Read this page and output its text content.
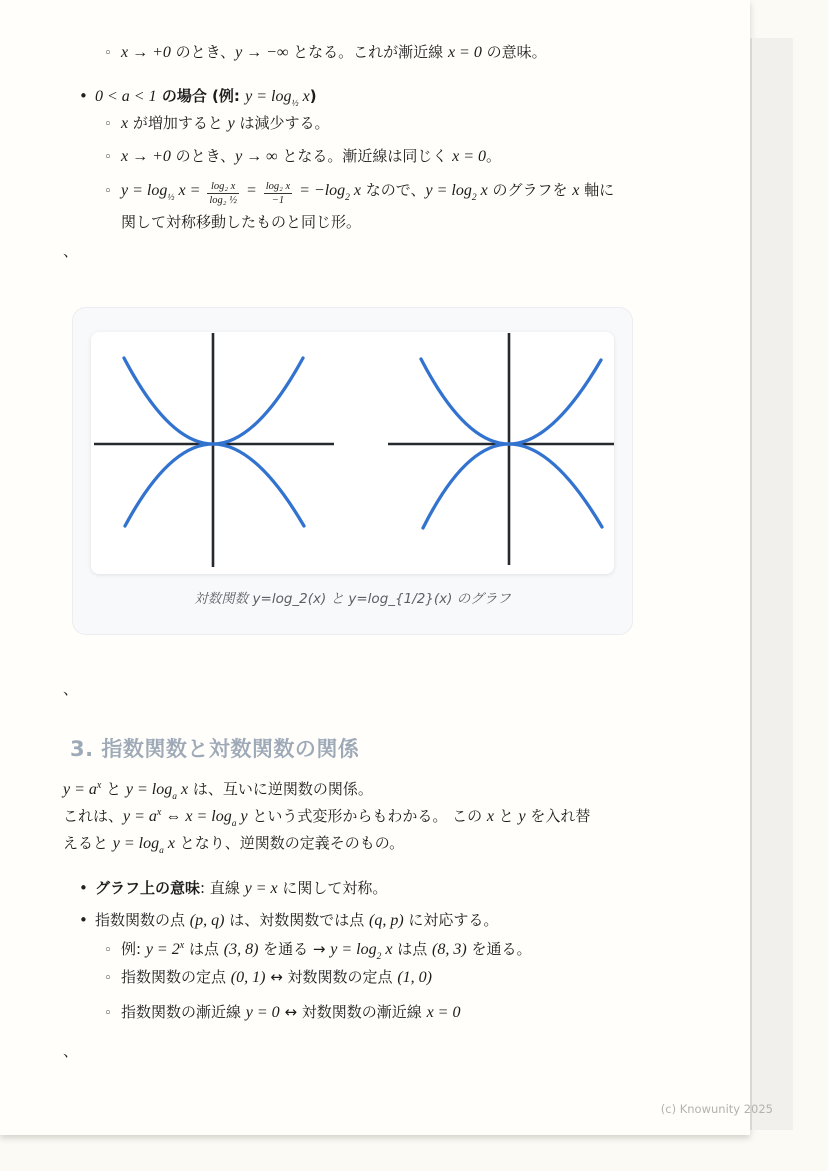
◦ x → +0 のとき、y → −∞ となる。これが漸近線 x = 0 の意味。
• 0 < a < 1 の場合 (例: $y = \log_{\frac{1}{2}} x$)
◦ x が増加すると y は減少する。
◦ x → +0 のとき、y → ∞ となる。漸近線は同じく x = 0。
◦ $y = \log_{\frac{1}{2}} x = \frac{\text{log₂ x}}{\text{log₂ ½}} = \frac{\text{log₂ x}}{-1} = -\log_2$ x なので、$y = \log_2 x$ のグラフを x 軸に
関して対称移動したものと同じ形。
、
対数関数 y=log_2(x) と y=log_{1/2}(x) のグラフ
、
3. 指数関数と対数関数の関係
$y = a^x$ と $y = \log_a x$ は、互いに逆関数の関係。
これは、$y = a^x$ ⇔ $x = \log_a y$ という式変形からもわかる。 この x と y を入れ替
えると $y = \log_a x$ となり、逆関数の定義そのもの。
• グラフ上の意味: 直線 y = x に関して対称。
• 指数関数の点 (p, q) は、対数関数では点 (q, p) に対応する。
◦ 例: $y = 2^x$ は点 (3, 8) を通る → $y = \log_2 x$ は点 (8, 3) を通る。
◦ 指数関数の定点 (0, 1) ↔ 対数関数の定点 (1, 0)
◦ 指数関数の漸近線 y = 0 ↔ 対数関数の漸近線 x = 0
、
(c) Knowunity 2025
